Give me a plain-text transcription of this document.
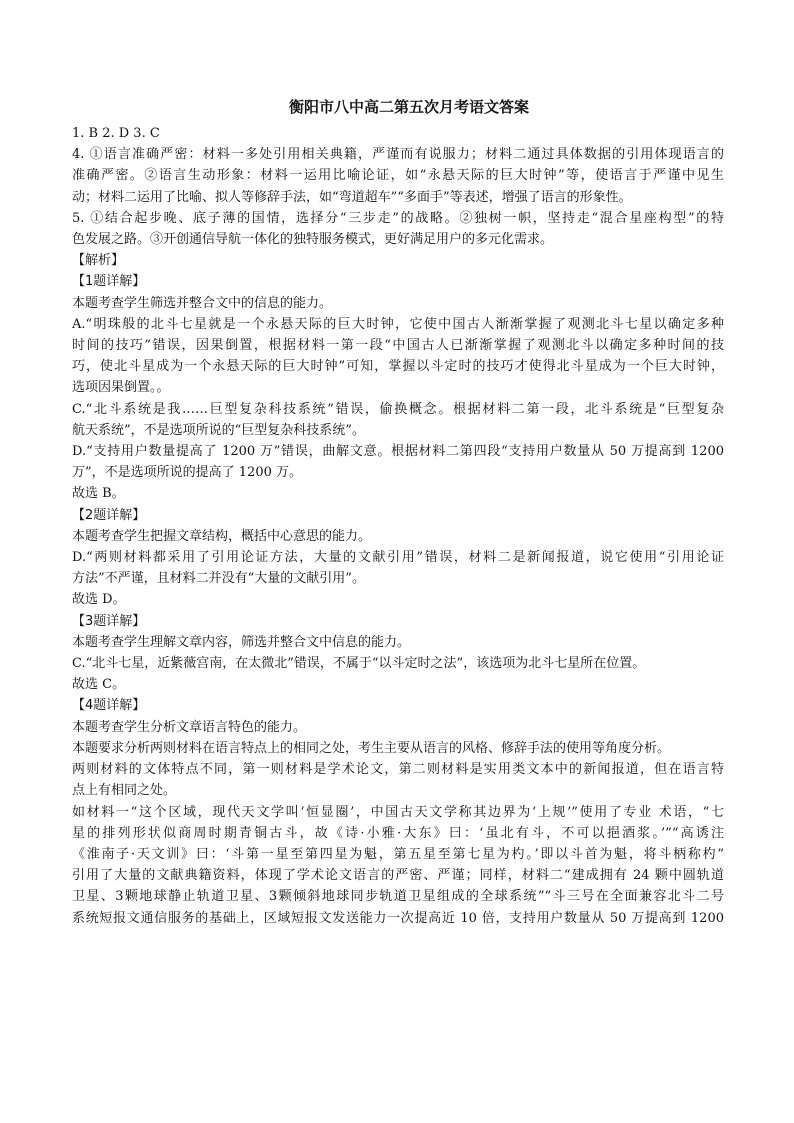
衡阳市八中高二第五次月考语文答案
1. B 2. D 3. C
4. ①语言准确严密：材料一多处引用相关典籍，严谨而有说服力；材料二通过具体数据的引用体现语言的
准确严密。②语言生动形象：材料一运用比喻论证，如“永悬天际的巨大时钟”等，使语言于严谨中见生
动；材料二运用了比喻、拟人等修辞手法，如“弯道超车”“多面手”等表述，增强了语言的形象性。
5. ①结合起步晚、底子薄的国情，选择分“三步走”的战略。②独树一帜，坚持走“混合星座构型”的特
色发展之路。③开创通信导航一体化的独特服务模式，更好满足用户的多元化需求。
【解析】
【1题详解】
本题考查学生筛选并整合文中的信息的能力。
A.“明珠般的北斗七星就是一个永悬天际的巨大时钟，它使中国古人渐渐掌握了观测北斗七星以确定多种
时间的技巧”错误，因果倒置，根据材料一第一段“中国古人已渐渐掌握了观测北斗以确定多种时间的技
巧，使北斗星成为一个永悬天际的巨大时钟”可知，掌握以斗定时的技巧才使得北斗星成为一个巨大时钟，
选项因果倒置。。
C.“北斗系统是我……巨型复杂科技系统”错误，偷换概念。根据材料二第一段，北斗系统是“巨型复杂
航天系统”，不是选项所说的“巨型复杂科技系统”。
D.“支持用户数量提高了 1200 万”错误，曲解文意。根据材料二第四段“支持用户数量从 50 万提高到 1200
万”，不是选项所说的提高了 1200 万。
故选 B。
【2题详解】
本题考查学生把握文章结构，概括中心意思的能力。
D.“两则材料都采用了引用论证方法，大量的文献引用”错误，材料二是新闻报道，说它使用“引用论证
方法”不严谨，且材料二并没有“大量的文献引用”。
故选 D。
【3题详解】
本题考查学生理解文章内容，筛选并整合文中信息的能力。
C.“北斗七星，近紫薇宫南，在太微北”错误，不属于“以斗定时之法”，该选项为北斗七星所在位置。
故选 C。
【4题详解】
本题考查学生分析文章语言特色的能力。
本题要求分析两则材料在语言特点上的相同之处，考生主要从语言的风格、修辞手法的使用等角度分析。
两则材料的文体特点不同，第一则材料是学术论文，第二则材料是实用类文本中的新闻报道，但在语言特
点上有相同之处。
如材料一“这个区域，现代天文学叫‘恒显圈’，中国古天文学称其边界为‘上规’”使用了专业 术语，“七
星的排列形状似商周时期青铜古斗，故《诗·小雅·大东》曰：‘虽北有斗，不可以挹酒浆。’”“高诱注
《淮南子·天文训》曰：‘斗第一星至第四星为魁，第五星至第七星为杓。’即以斗首为魁，将斗柄称杓”
引用了大量的文献典籍资料，体现了学术论文语言的严密、严谨；同样，材料二“建成拥有 24 颗中圆轨道
卫星、3颗地球静止轨道卫星、3颗倾斜地球同步轨道卫星组成的全球系统”“斗三号在全面兼容北斗二号
系统短报文通信服务的基础上，区域短报文发送能力一次提高近 10 倍，支持用户数量从 50 万提高到 1200
